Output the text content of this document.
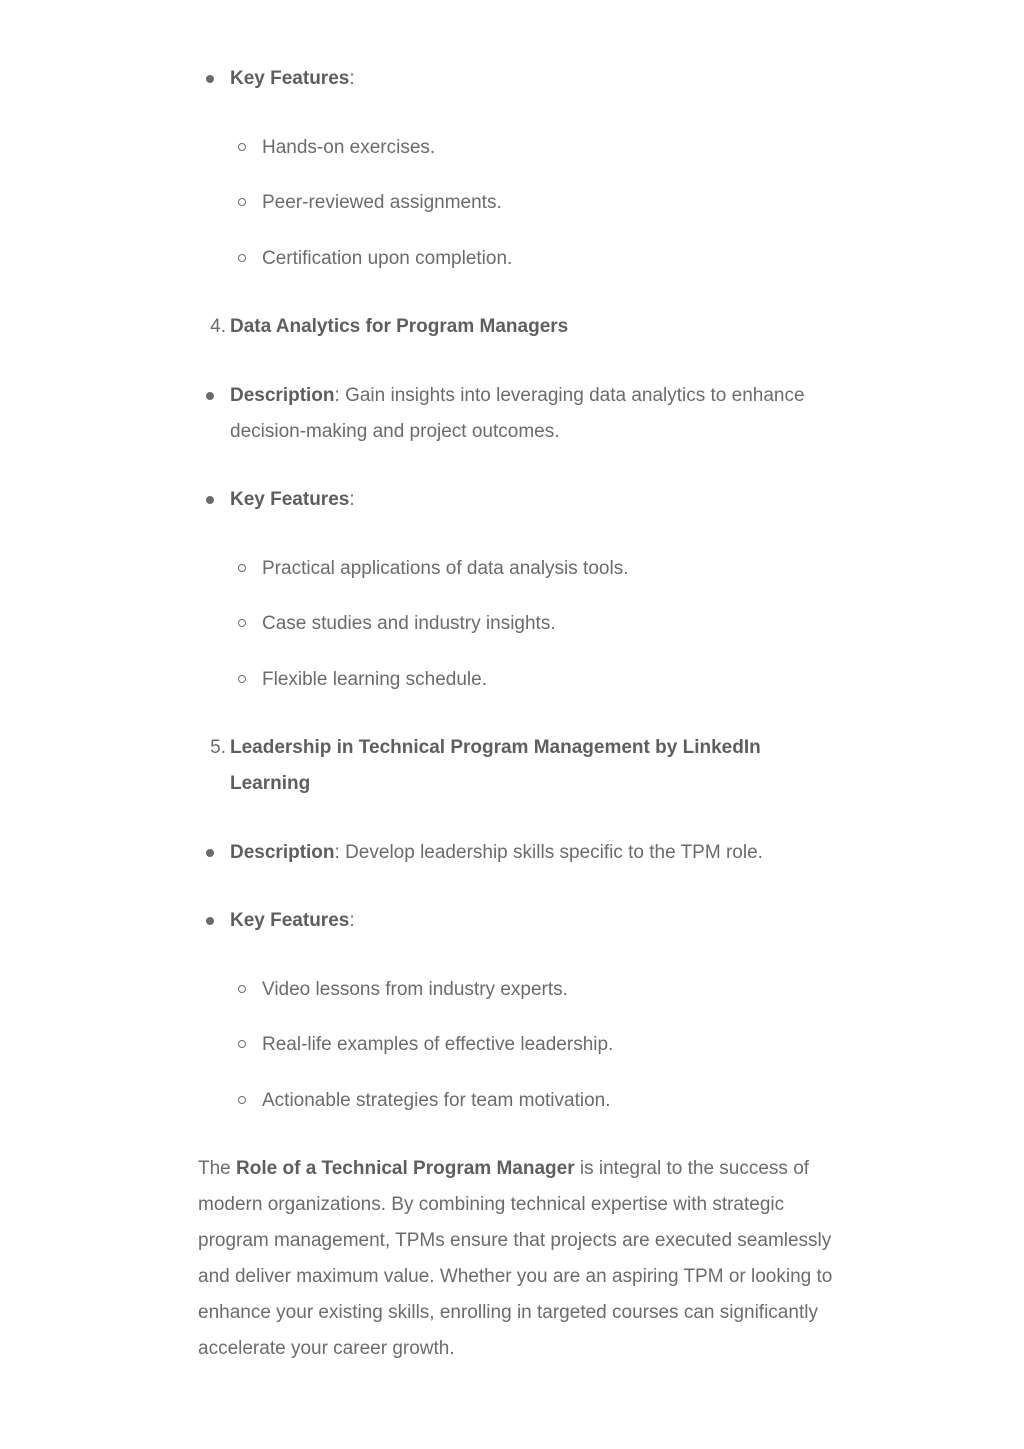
Key Features:
Hands-on exercises.
Peer-reviewed assignments.
Certification upon completion.
4. Data Analytics for Program Managers
Description: Gain insights into leveraging data analytics to enhance decision-making and project outcomes.
Key Features:
Practical applications of data analysis tools.
Case studies and industry insights.
Flexible learning schedule.
5. Leadership in Technical Program Management by LinkedIn Learning
Description: Develop leadership skills specific to the TPM role.
Key Features:
Video lessons from industry experts.
Real-life examples of effective leadership.
Actionable strategies for team motivation.
The Role of a Technical Program Manager is integral to the success of modern organizations. By combining technical expertise with strategic program management, TPMs ensure that projects are executed seamlessly and deliver maximum value. Whether you are an aspiring TPM or looking to enhance your existing skills, enrolling in targeted courses can significantly accelerate your career growth.
